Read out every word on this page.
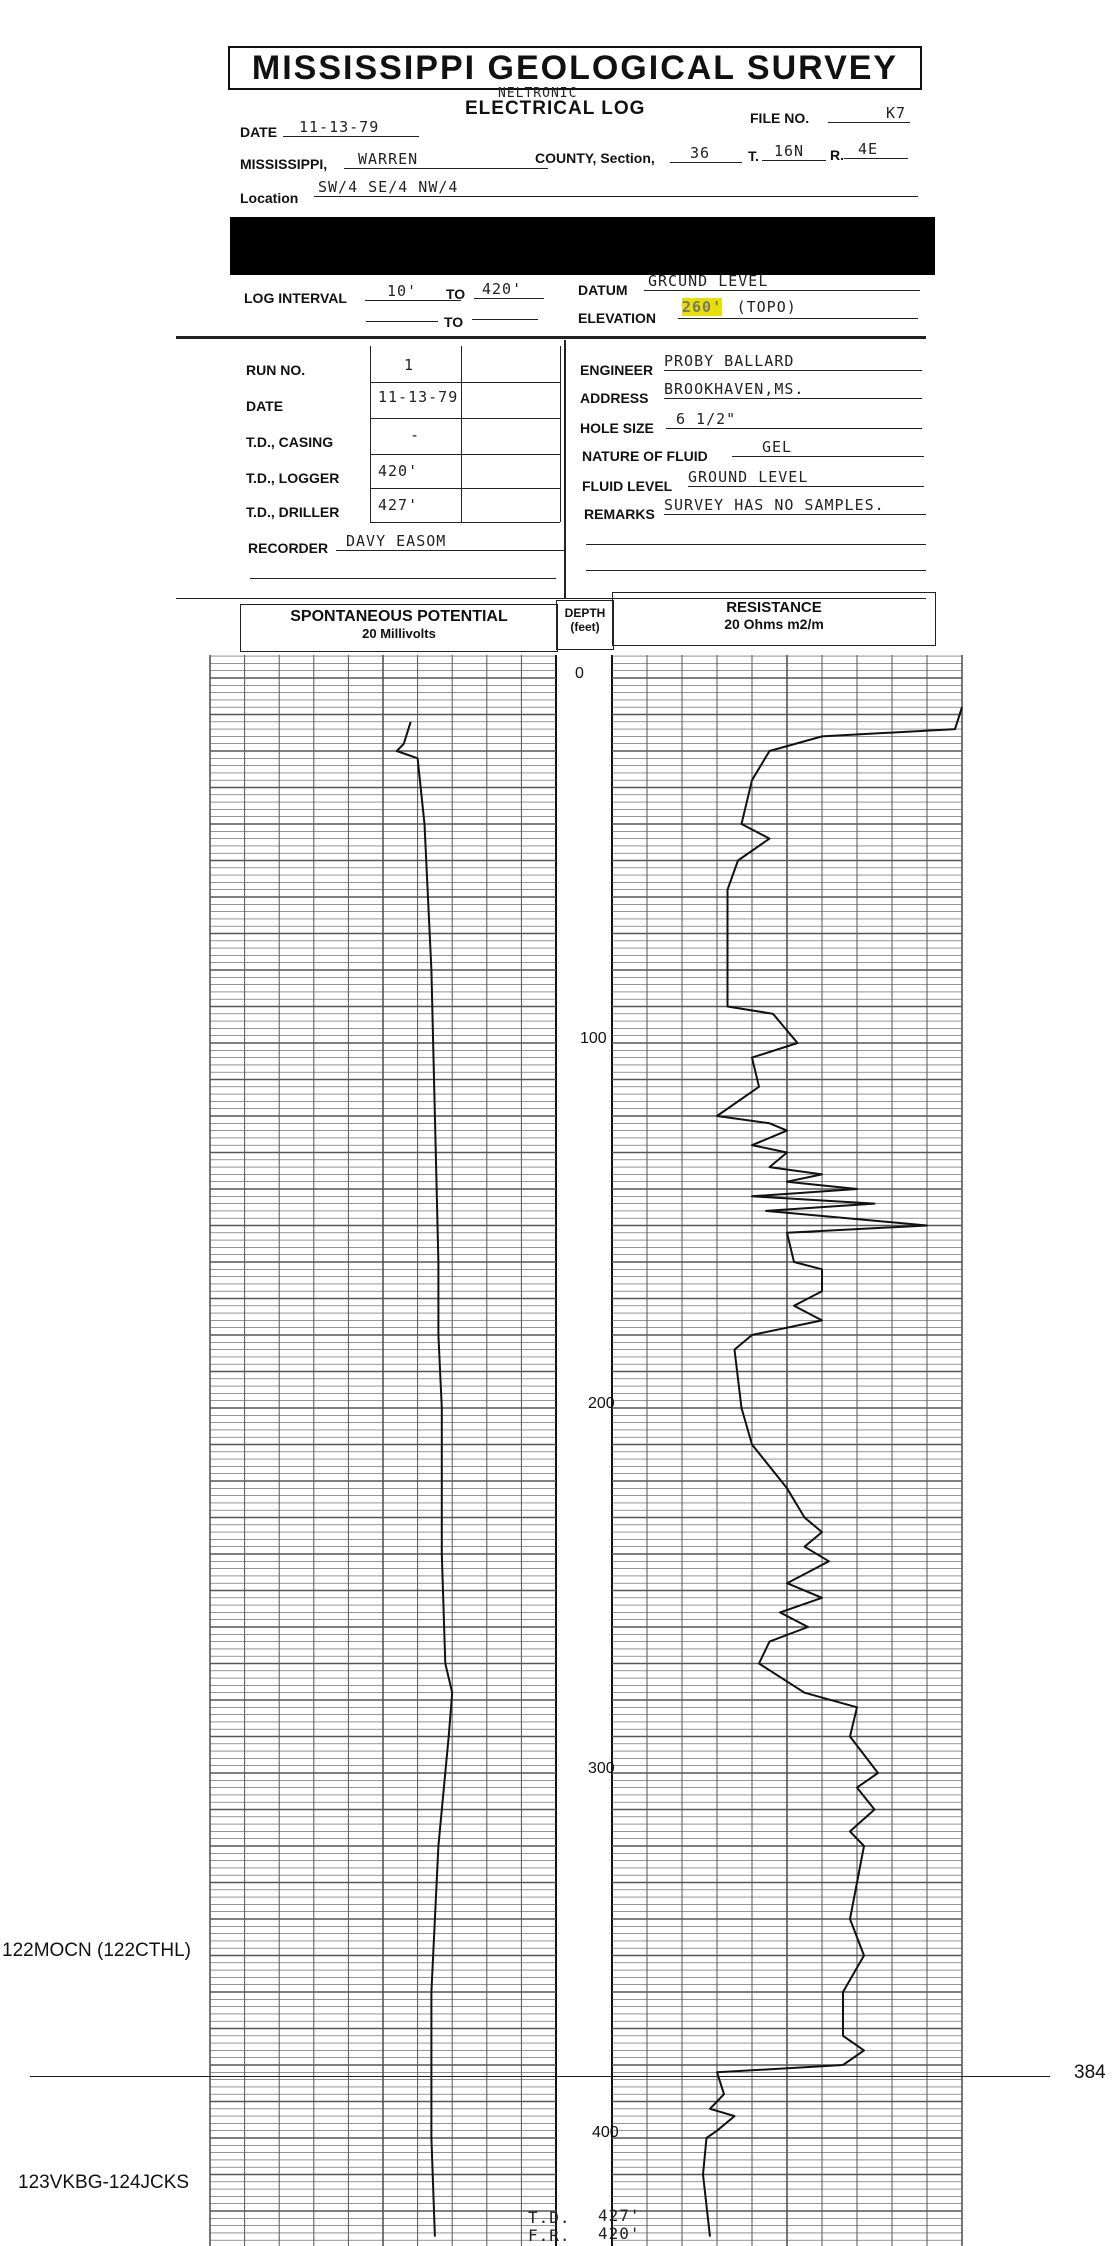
MISSISSIPPI GEOLOGICAL SURVEY
NELTRONIC
ELECTRICAL LOG
DATE	11-13-79	FILE NO.	K7
MISSISSIPPI,	WARREN	COUNTY, Section,	36	T.	16N	R. 4E
Location
SW/4 SE/4 NW/4
LOG INTERVAL	10'	TO	420'
TO
DATUM GRCUND LEVEL
ELEVATION
260' (TOPO)
RUN NO.	1
DATE	11-13-79
T.D., CASING	-
T.D., LOGGER	420'
T.D., DRILLER	427'
RECORDER	DAVY EASOM
ENGINEER PROBY BALLARD
ADDRESS BROOKHAVEN,MS.
HOLE SIZE	6 1/2"
NATURE OF FLUID	GEL
FLUID LEVEL GROUND LEVEL
REMARKS SURVEY HAS NO SAMPLES.
SPONTANEOUS POTENTIAL
20 Millivolts
DEPTH
(feet)
RESISTANCE
20 Ohms m2/m
0
100
200
300
400
​
T.D. 427'
F.R. 420'
122MOCN (122CTHL)
123VKBG-124JCKS
384
